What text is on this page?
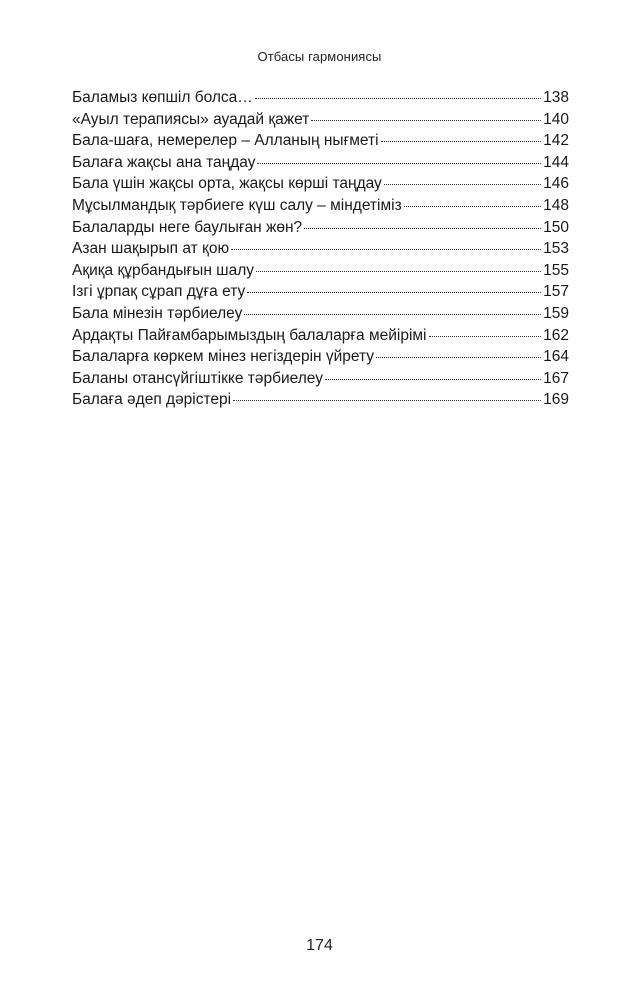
Отбасы гармониясы
Баламыз көпшіл болса…	138
«Ауыл терапиясы» ауадай қажет	140
Бала-шаға, немерелер – Алланың нығметі	142
Балаға жақсы ана таңдау	144
Бала үшін жақсы орта, жақсы көрші таңдау	146
Мұсылмандық тәрбиеге күш салу – міндетіміз	148
Балаларды неге баулыған жөн?	150
Азан шақырып ат қою	153
Ақиқа құрбандығын шалу	155
Ізгі ұрпақ сұрап дұға ету	157
Бала мінезін тәрбиелеу	159
Ардақты Пайғамбарымыздың балаларға мейірімі	162
Балаларға көркем мінез негіздерін үйрету	164
Баланы отансүйгіштікке тәрбиелеу	167
Балаға әдеп дәрістері	169
174
